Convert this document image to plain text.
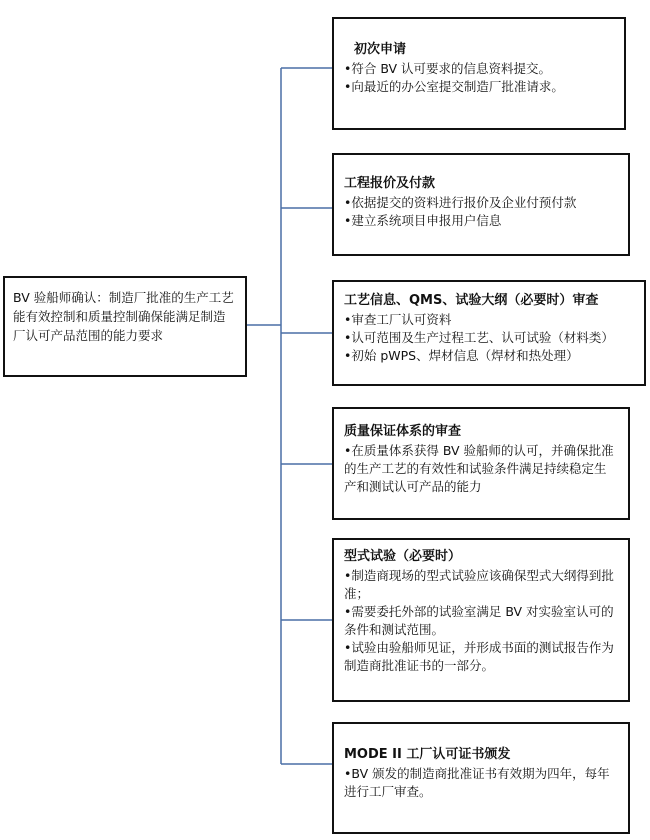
BV 验船师确认：制造厂批准的生产工艺能有效控制和质量控制确保能满足制造厂认可产品范围的能力要求
初次申请
•符合 BV 认可要求的信息资料提交。
•向最近的办公室提交制造厂批准请求。
工程报价及付款
•依据提交的资料进行报价及企业付预付款
•建立系统项目申报用户信息
工艺信息、QMS、试验大纲（必要时）审查
•审查工厂认可资料
•认可范围及生产过程工艺、认可试验（材料类）
•初始 pWPS、焊材信息（焊材和热处理）
质量保证体系的审查
•在质量体系获得 BV 验船师的认可，并确保批准的生产工艺的有效性和试验条件满足持续稳定生产和测试认可产品的能力
型式试验（必要时）
•制造商现场的型式试验应该确保型式大纲得到批准；
•需要委托外部的试验室满足 BV 对实验室认可的条件和测试范围。
•试验由验船师见证，并形成书面的测试报告作为制造商批准证书的一部分。
MODE II 工厂认可证书颁发
•BV 颁发的制造商批准证书有效期为四年，每年进行工厂审查。
